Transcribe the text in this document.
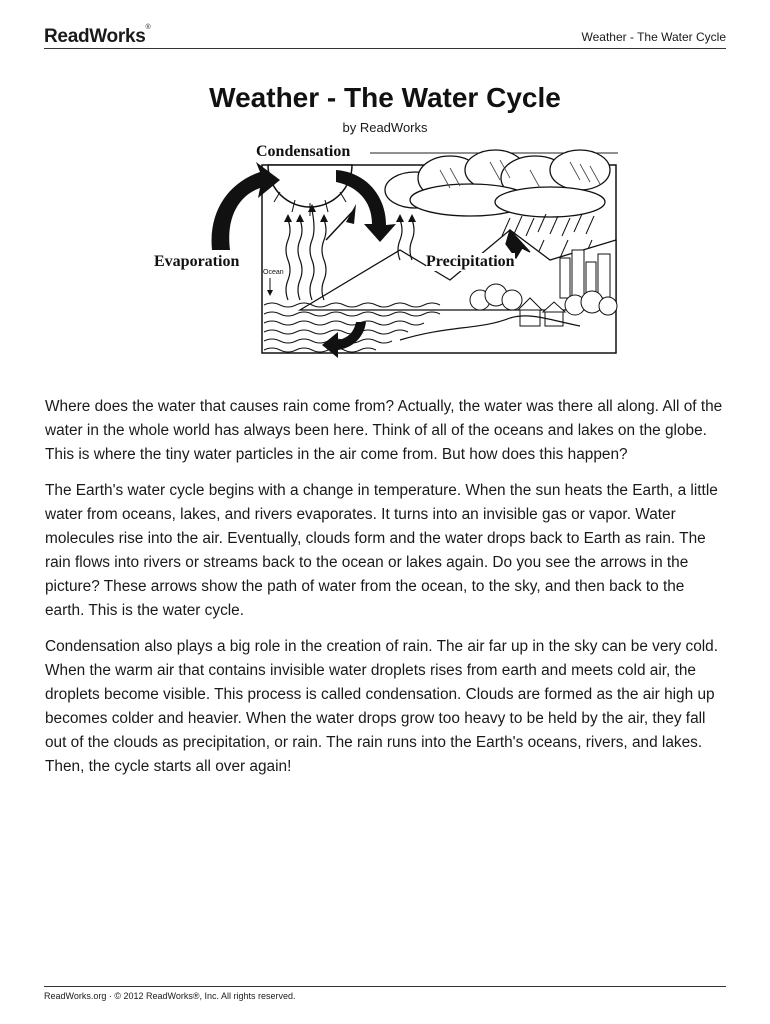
ReadWorks®
Weather - The Water Cycle
Weather - The Water Cycle
by ReadWorks
Ocean
Condensation
Evaporation	Precipitation

Where does the water that causes rain come from? Actually, the water was there all along. All of the water in the whole world has always been here. Think of all of the oceans and lakes on the globe. This is where the tiny water particles in the air come from. But how does this happen?

The Earth's water cycle begins with a change in temperature. When the sun heats the Earth, a little water from oceans, lakes, and rivers evaporates. It turns into an invisible gas or vapor. Water molecules rise into the air. Eventually, clouds form and the water drops back to Earth as rain. The rain flows into rivers or streams back to the ocean or lakes again. Do you see the arrows in the picture? These arrows show the path of water from the ocean, to the sky, and then back to the earth. This is the water cycle.

Condensation also plays a big role in the creation of rain. The air far up in the sky can be very cold. When the warm air that contains invisible water droplets rises from earth and meets cold air, the droplets become visible. This process is called condensation. Clouds are formed as the air high up becomes colder and heavier. When the water drops grow too heavy to be held by the air, they fall out of the clouds as precipitation, or rain. The rain runs into the Earth's oceans, rivers, and lakes. Then, the cycle starts all over again!

ReadWorks.org · © 2012 ReadWorks®, Inc. All rights reserved.
